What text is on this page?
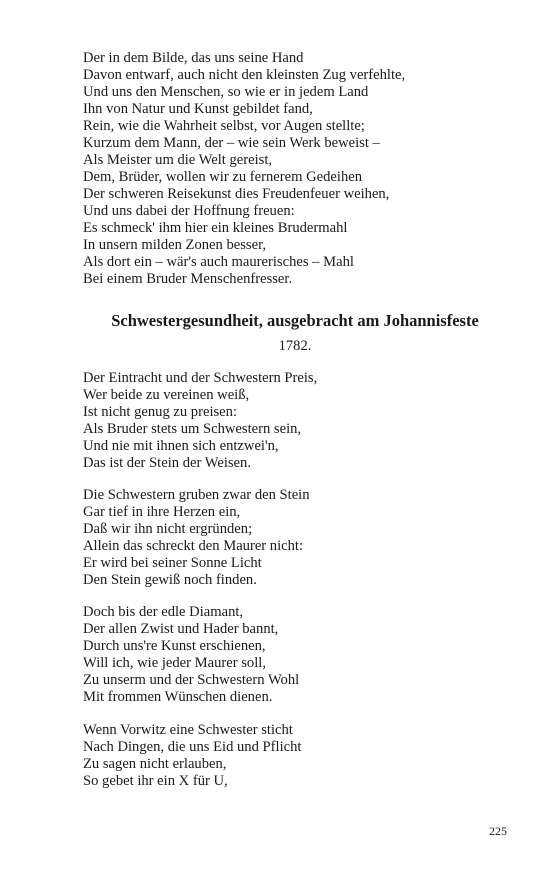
Der in dem Bilde, das uns seine Hand
Davon entwarf, auch nicht den kleinsten Zug verfehlte,
Und uns den Menschen, so wie er in jedem Land
Ihn von Natur und Kunst gebildet fand,
Rein, wie die Wahrheit selbst, vor Augen stellte;
Kurzum dem Mann, der – wie sein Werk beweist –
Als Meister um die Welt gereist,
Dem, Brüder, wollen wir zu fernerem Gedeihen
Der schweren Reisekunst dies Freudenfeuer weihen,
Und uns dabei der Hoffnung freuen:
Es schmeck' ihm hier ein kleines Brudermahl
In unsern milden Zonen besser,
Als dort ein – wär's auch maurerisches – Mahl
Bei einem Bruder Menschenfresser.
Schwestergesundheit, ausgebracht am Johannisfeste
1782.
Der Eintracht und der Schwestern Preis,
Wer beide zu vereinen weiß,
Ist nicht genug zu preisen:
Als Bruder stets um Schwestern sein,
Und nie mit ihnen sich entzwei'n,
Das ist der Stein der Weisen.
Die Schwestern gruben zwar den Stein
Gar tief in ihre Herzen ein,
Daß wir ihn nicht ergründen;
Allein das schreckt den Maurer nicht:
Er wird bei seiner Sonne Licht
Den Stein gewiß noch finden.
Doch bis der edle Diamant,
Der allen Zwist und Hader bannt,
Durch uns're Kunst erschienen,
Will ich, wie jeder Maurer soll,
Zu unserm und der Schwestern Wohl
Mit frommen Wünschen dienen.
Wenn Vorwitz eine Schwester sticht
Nach Dingen, die uns Eid und Pflicht
Zu sagen nicht erlauben,
So gebet ihr ein X für U,
225
